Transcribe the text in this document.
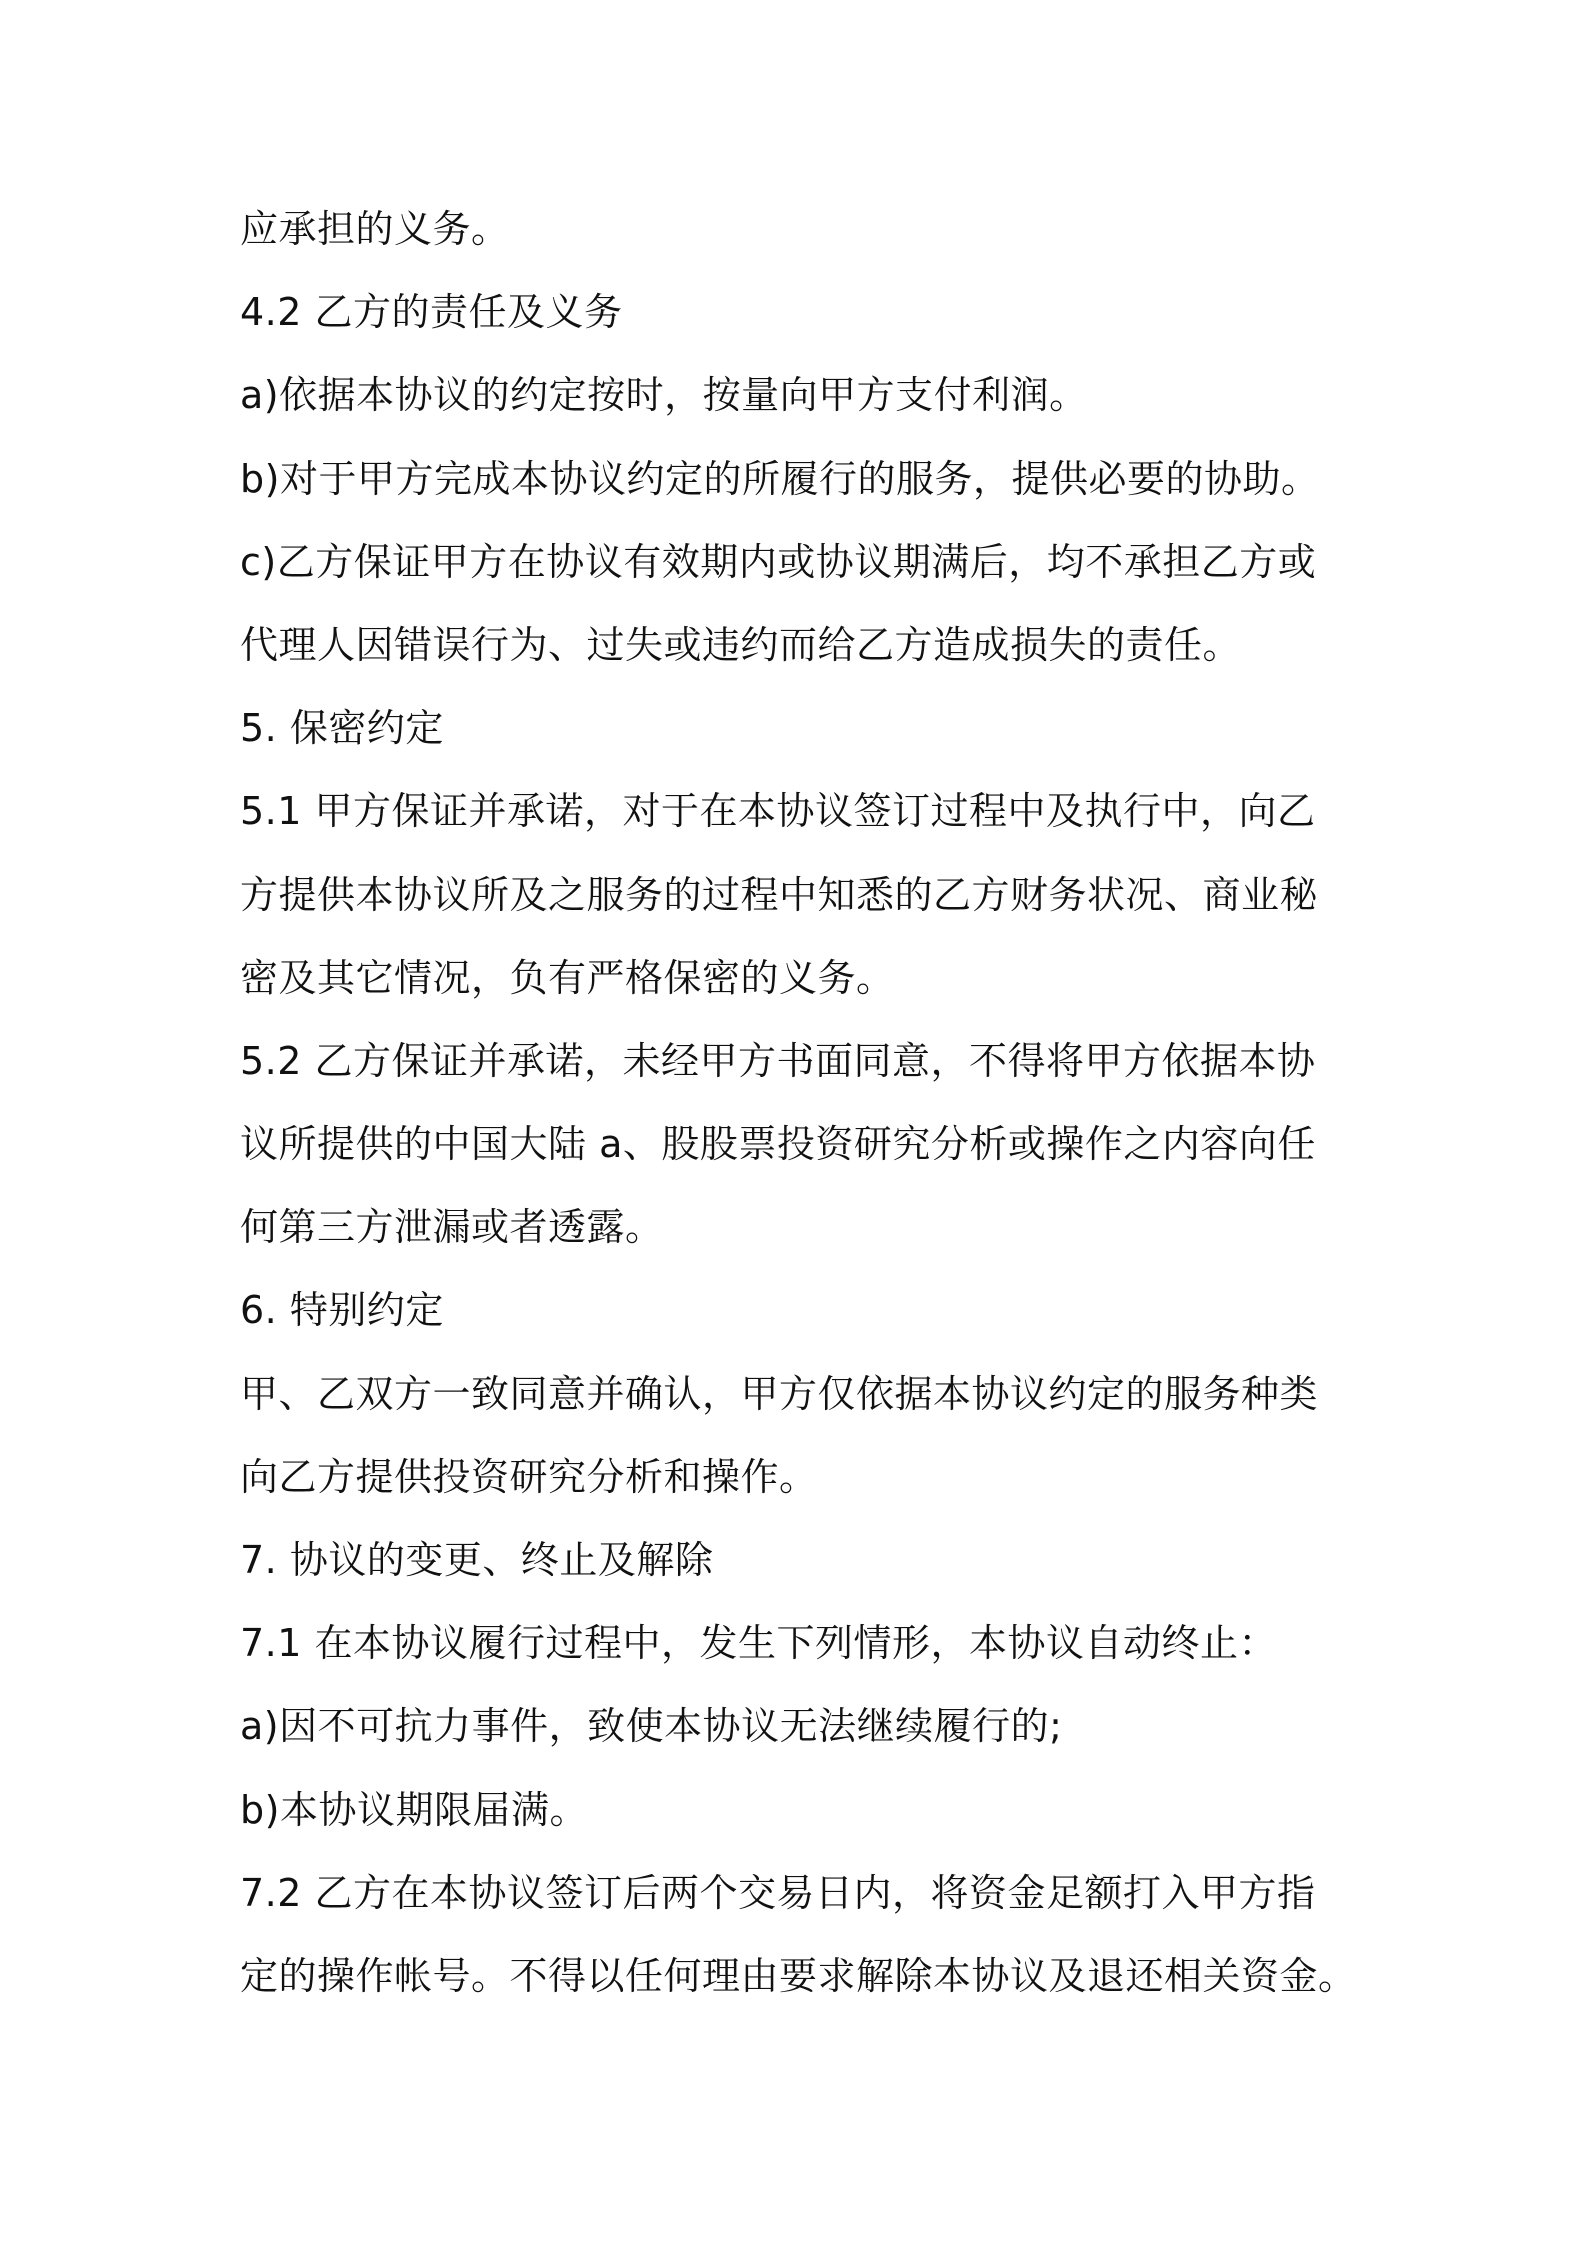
应承担的义务。
4.2 乙方的责任及义务
a)依据本协议的约定按时，按量向甲方支付利润。
b)对于甲方完成本协议约定的所履行的服务，提供必要的协助。
c)乙方保证甲方在协议有效期内或协议期满后，均不承担乙方或
代理人因错误行为、过失或违约而给乙方造成损失的责任。
5. 保密约定
5.1 甲方保证并承诺，对于在本协议签订过程中及执行中，向乙
方提供本协议所及之服务的过程中知悉的乙方财务状况、商业秘
密及其它情况，负有严格保密的义务。
5.2 乙方保证并承诺，未经甲方书面同意，不得将甲方依据本协
议所提供的中国大陆 a、股股票投资研究分析或操作之内容向任
何第三方泄漏或者透露。
6. 特别约定
甲、乙双方一致同意并确认，甲方仅依据本协议约定的服务种类
向乙方提供投资研究分析和操作。
7. 协议的变更、终止及解除
7.1 在本协议履行过程中，发生下列情形，本协议自动终止：
a)因不可抗力事件，致使本协议无法继续履行的;
b)本协议期限届满。
7.2 乙方在本协议签订后两个交易日内，将资金足额打入甲方指
定的操作帐号。不得以任何理由要求解除本协议及退还相关资金。
